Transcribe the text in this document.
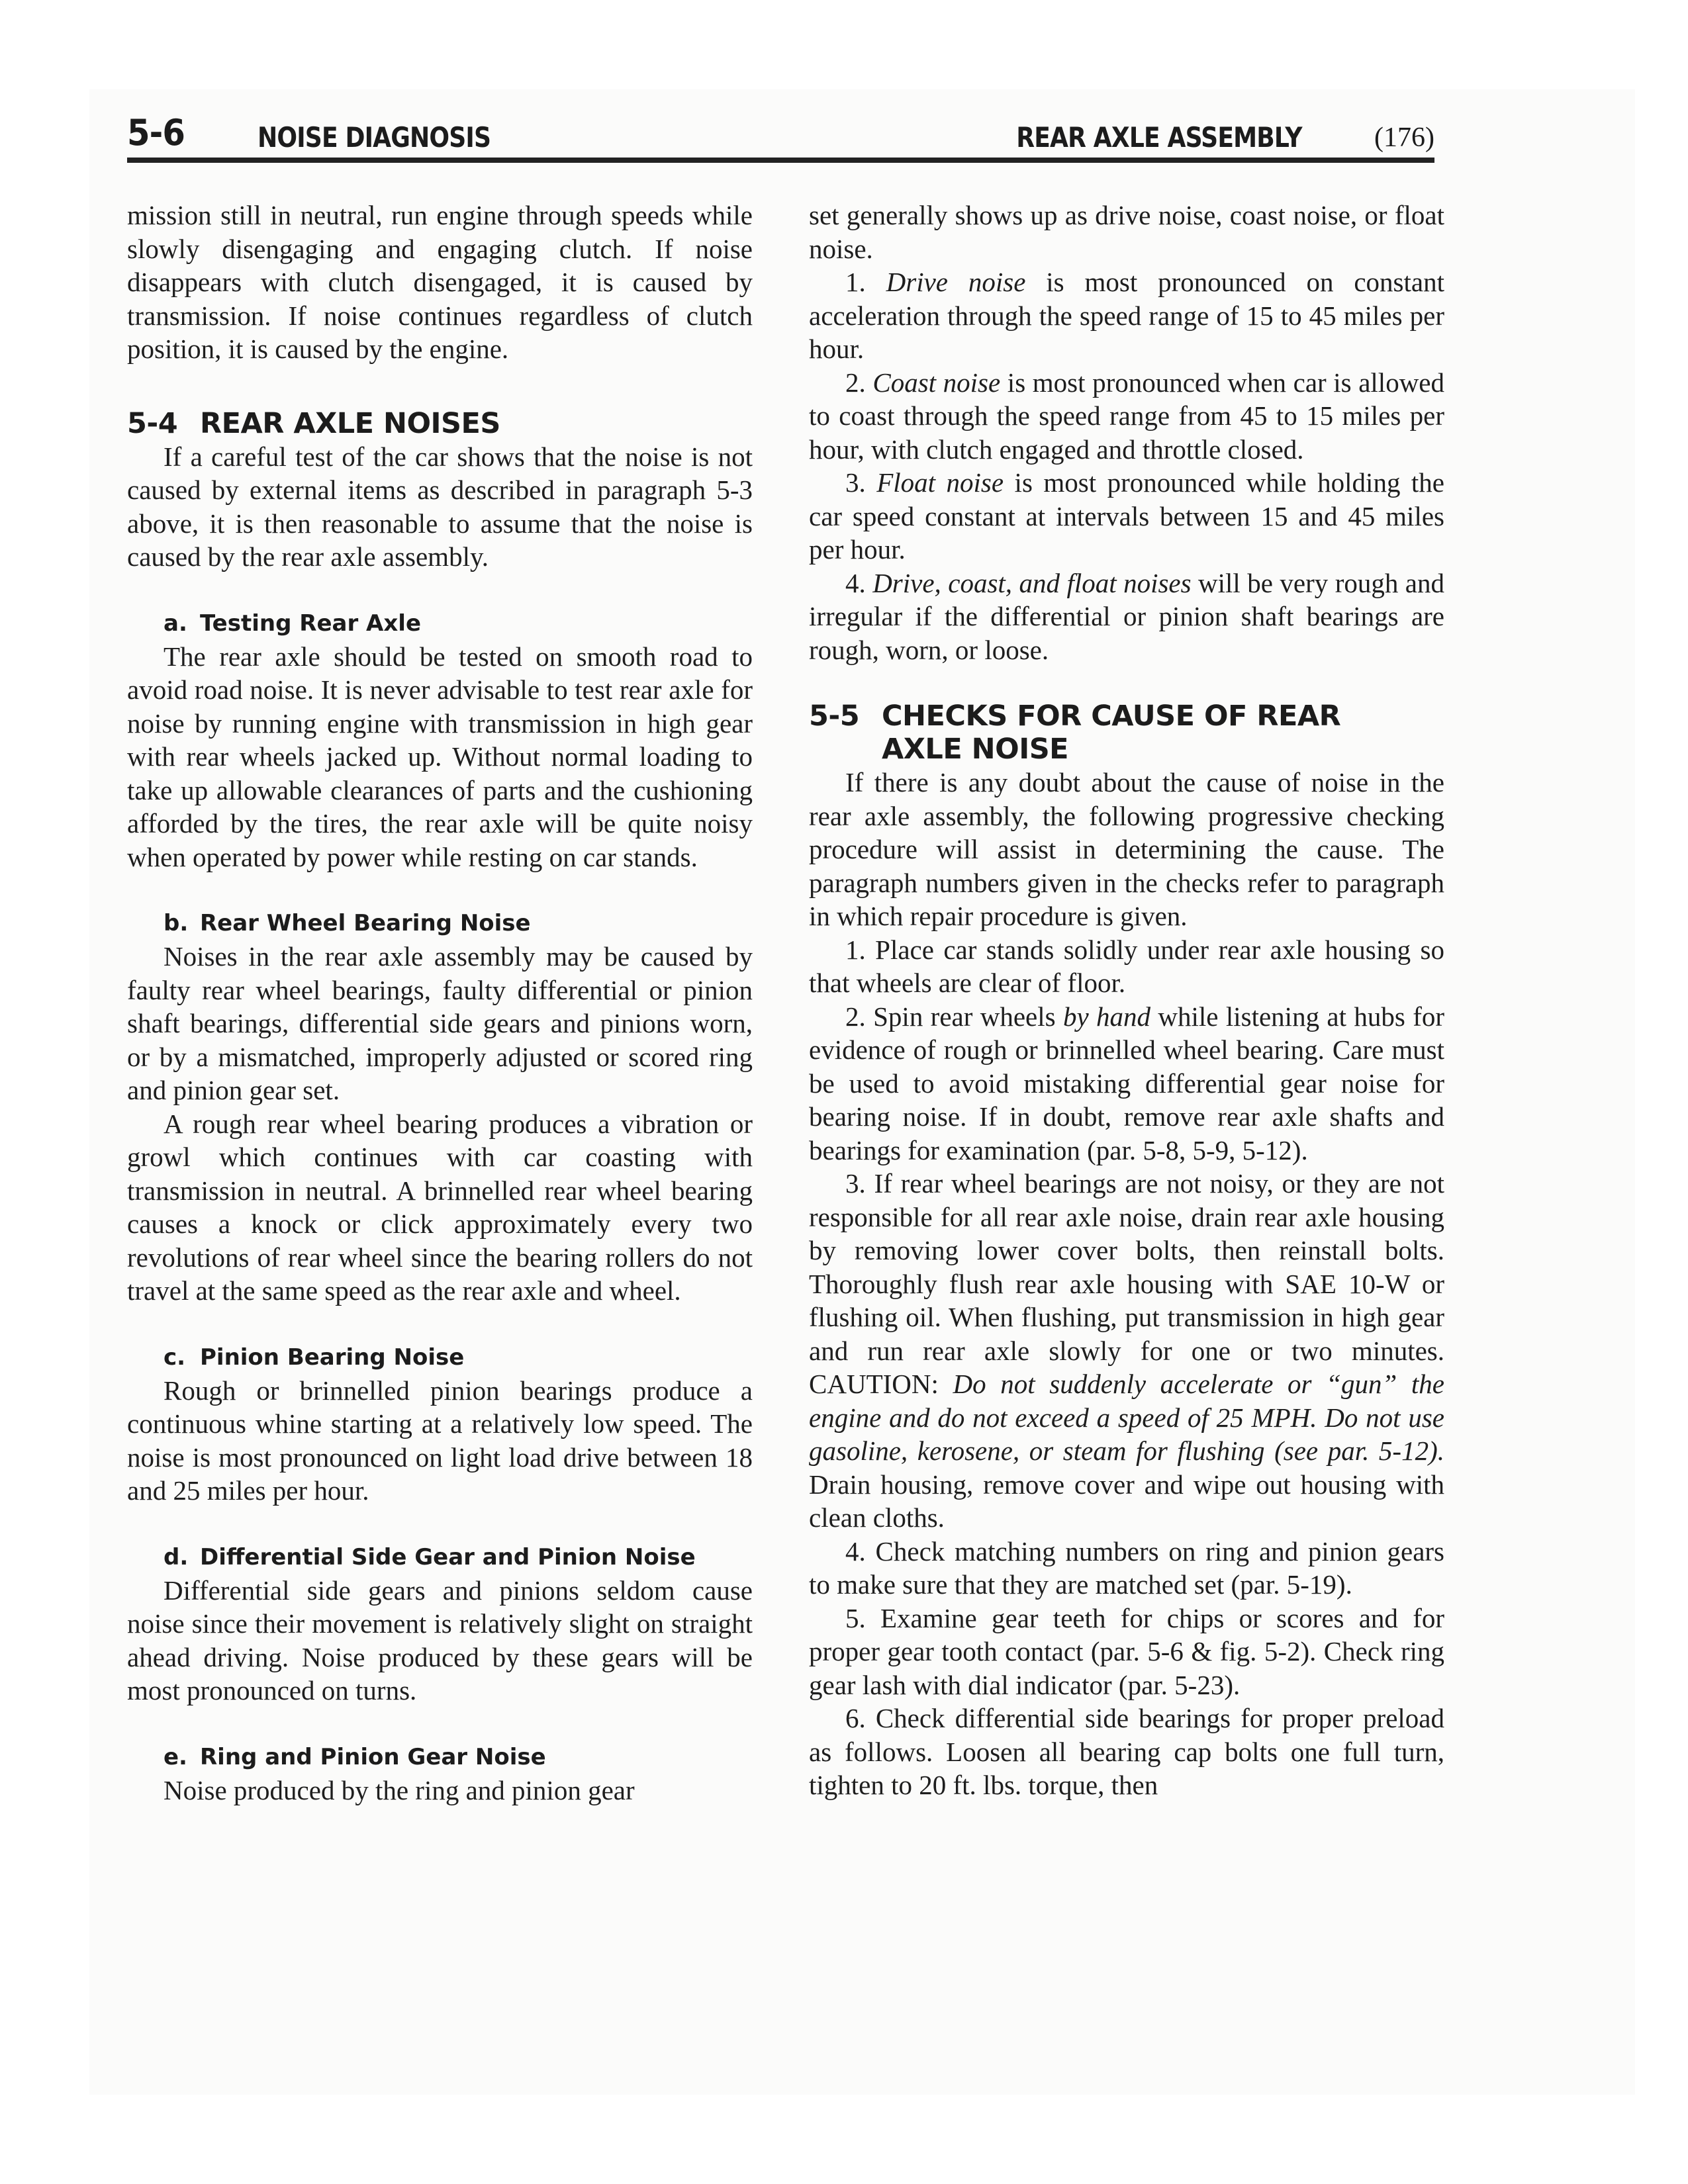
5-6	NOISE DIAGNOSIS	REAR AXLE ASSEMBLY	(176)

mission still in neutral, run engine through speeds while slowly disengaging and engaging clutch. If noise disappears with clutch disengaged, it is caused by transmission. If noise continues regardless of clutch position, it is caused by the engine.

5-4 REAR AXLE NOISES

If a careful test of the car shows that the noise is not caused by external items as described in paragraph 5-3 above, it is then reasonable to assume that the noise is caused by the rear axle assembly.

a. Testing Rear Axle

The rear axle should be tested on smooth road to avoid road noise. It is never advisable to test rear axle for noise by running engine with transmission in high gear with rear wheels jacked up. Without normal loading to take up allowable clearances of parts and the cushioning afforded by the tires, the rear axle will be quite noisy when operated by power while resting on car stands.

b. Rear Wheel Bearing Noise

Noises in the rear axle assembly may be caused by faulty rear wheel bearings, faulty differential or pinion shaft bearings, differential side gears and pinions worn, or by a mismatched, improperly adjusted or scored ring and pinion gear set.

A rough rear wheel bearing produces a vibration or growl which continues with car coasting with transmission in neutral. A brinnelled rear wheel bearing causes a knock or click approximately every two revolutions of rear wheel since the bearing rollers do not travel at the same speed as the rear axle and wheel.

c. Pinion Bearing Noise

Rough or brinnelled pinion bearings produce a continuous whine starting at a relatively low speed. The noise is most pronounced on light load drive between 18 and 25 miles per hour.

d. Differential Side Gear and Pinion Noise

Differential side gears and pinions seldom cause noise since their movement is relatively slight on straight ahead driving. Noise produced by these gears will be most pronounced on turns.

e. Ring and Pinion Gear Noise

Noise produced by the ring and pinion gear

set generally shows up as drive noise, coast noise, or float noise.

1. Drive noise is most pronounced on constant acceleration through the speed range of 15 to 45 miles per hour.

2. Coast noise is most pronounced when car is allowed to coast through the speed range from 45 to 15 miles per hour, with clutch engaged and throttle closed.

3. Float noise is most pronounced while holding the car speed constant at intervals between 15 and 45 miles per hour.

4. Drive, coast, and float noises will be very rough and irregular if the differential or pinion shaft bearings are rough, worn, or loose.

5-5 CHECKS FOR CAUSE OF REAR
AXLE NOISE

If there is any doubt about the cause of noise in the rear axle assembly, the following progressive checking procedure will assist in determining the cause. The paragraph numbers given in the checks refer to paragraph in which repair procedure is given.

1. Place car stands solidly under rear axle housing so that wheels are clear of floor.

2. Spin rear wheels by hand while listening at hubs for evidence of rough or brinnelled wheel bearing. Care must be used to avoid mistaking differential gear noise for bearing noise. If in doubt, remove rear axle shafts and bearings for examination (par. 5-8, 5-9, 5-12).

3. If rear wheel bearings are not noisy, or they are not responsible for all rear axle noise, drain rear axle housing by removing lower cover bolts, then reinstall bolts. Thoroughly flush rear axle housing with SAE 10-W or flushing oil. When flushing, put transmission in high gear and run rear axle slowly for one or two minutes. CAUTION: Do not suddenly accelerate or “gun” the engine and do not exceed a speed of 25 MPH. Do not use gasoline, kerosene, or steam for flushing (see par. 5-12). Drain housing, remove cover and wipe out housing with clean cloths.

4. Check matching numbers on ring and pinion gears to make sure that they are matched set (par. 5-19).

5. Examine gear teeth for chips or scores and for proper gear tooth contact (par. 5-6 & fig. 5-2). Check ring gear lash with dial indicator (par. 5-23).

6. Check differential side bearings for proper preload as follows. Loosen all bearing cap bolts one full turn, tighten to 20 ft. lbs. torque, then
